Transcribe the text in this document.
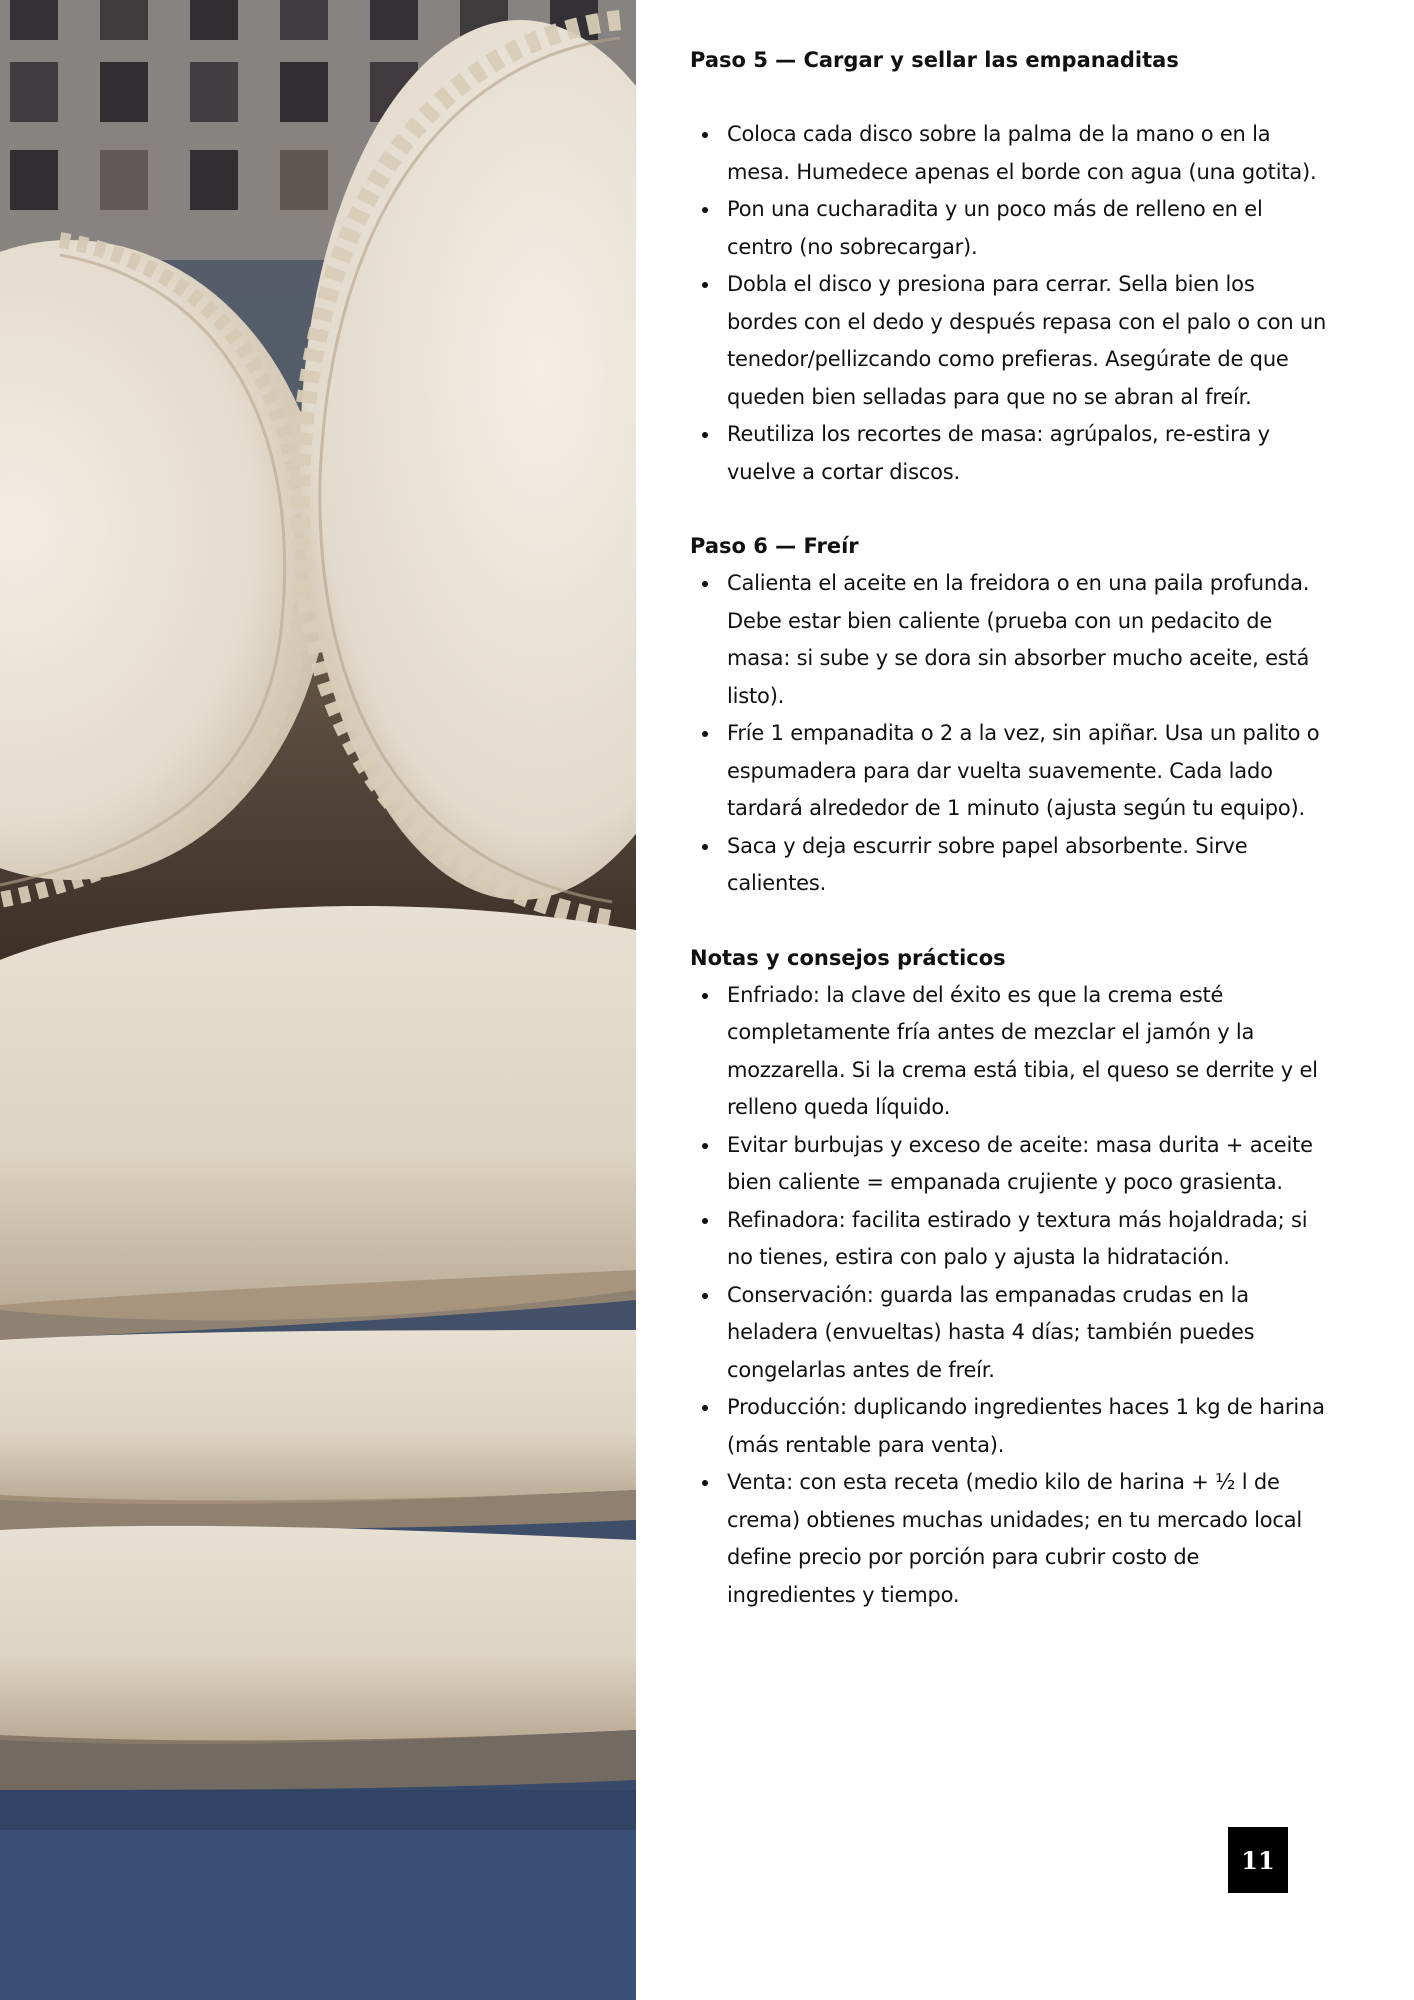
Paso 5 — Cargar y sellar las empanaditas
Coloca cada disco sobre la palma de la mano o en la mesa. Humedece apenas el borde con agua (una gotita).
Pon una cucharadita y un poco más de relleno en el centro (no sobrecargar).
Dobla el disco y presiona para cerrar. Sella bien los bordes con el dedo y después repasa con el palo o con un tenedor/pellizcando como prefieras. Asegúrate de que queden bien selladas para que no se abran al freír.
Reutiliza los recortes de masa: agrúpalos, re-estira y vuelve a cortar discos.
Paso 6 — Freír
Calienta el aceite en la freidora o en una paila profunda. Debe estar bien caliente (prueba con un pedacito de masa: si sube y se dora sin absorber mucho aceite, está listo).
Fríe 1 empanadita o 2 a la vez, sin apiñar. Usa un palito o espumadera para dar vuelta suavemente. Cada lado tardará alrededor de 1 minuto (ajusta según tu equipo).
Saca y deja escurrir sobre papel absorbente. Sirve calientes.
Notas y consejos prácticos
Enfriado: la clave del éxito es que la crema esté completamente fría antes de mezclar el jamón y la mozzarella. Si la crema está tibia, el queso se derrite y el relleno queda líquido.
Evitar burbujas y exceso de aceite: masa durita + aceite bien caliente = empanada crujiente y poco grasienta.
Refinadora: facilita estirado y textura más hojaldrada; si no tienes, estira con palo y ajusta la hidratación.
Conservación: guarda las empanadas crudas en la heladera (envueltas) hasta 4 días; también puedes congelarlas antes de freír.
Producción: duplicando ingredientes haces 1 kg de harina (más rentable para venta).
Venta: con esta receta (medio kilo de harina + ½ l de crema) obtienes muchas unidades; en tu mercado local define precio por porción para cubrir costo de ingredientes y tiempo.
11
